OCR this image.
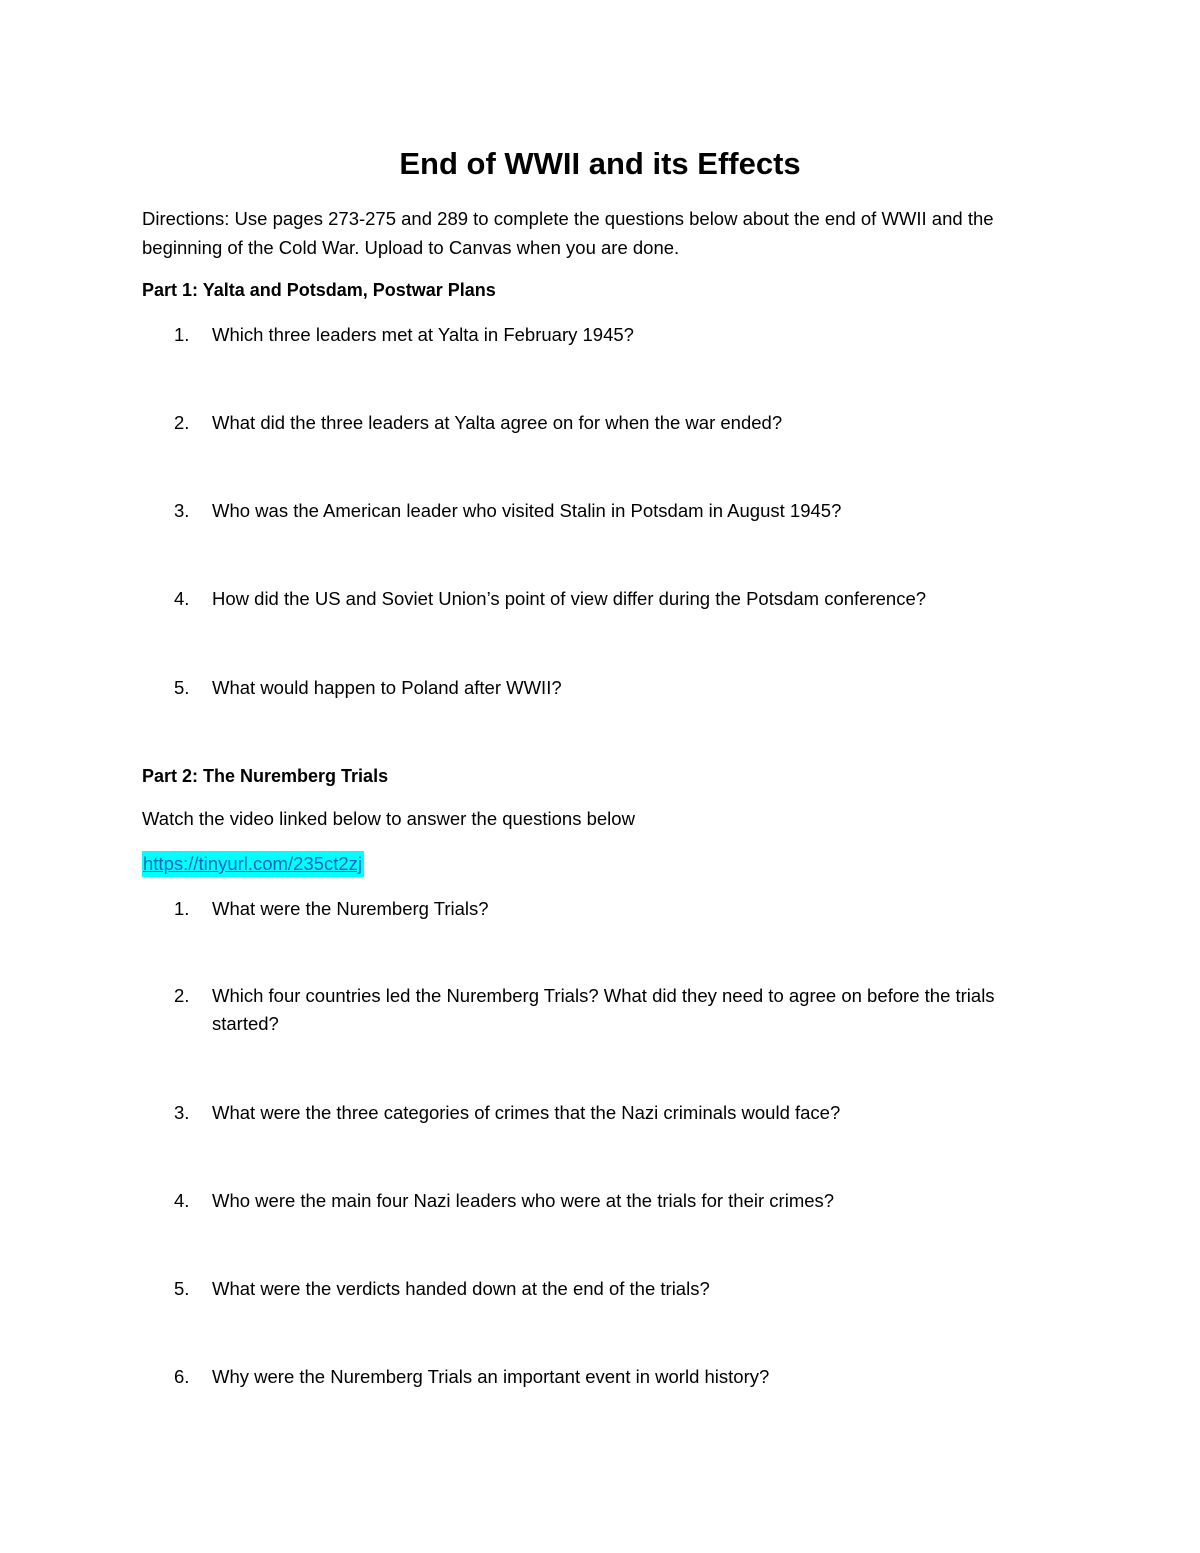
End of WWII and its Effects

Directions: Use pages 273-275 and 289 to complete the questions below about the end of WWII and the beginning of the Cold War. Upload to Canvas when you are done.

Part 1: Yalta and Potsdam, Postwar Plans

1.	Which three leaders met at Yalta in February 1945?
2.	What did the three leaders at Yalta agree on for when the war ended?
3.	Who was the American leader who visited Stalin in Potsdam in August 1945?
4.	How did the US and Soviet Union’s point of view differ during the Potsdam conference?
5.	What would happen to Poland after WWII?

Part 2: The Nuremberg Trials

Watch the video linked below to answer the questions below

https://tinyurl.com/235ct2zj
1.	What were the Nuremberg Trials?
2.	Which four countries led the Nuremberg Trials? What did they need to agree on before the trials started?
3.	What were the three categories of crimes that the Nazi criminals would face?
4.	Who were the main four Nazi leaders who were at the trials for their crimes?
5.	What were the verdicts handed down at the end of the trials?
6.	Why were the Nuremberg Trials an important event in world history?
